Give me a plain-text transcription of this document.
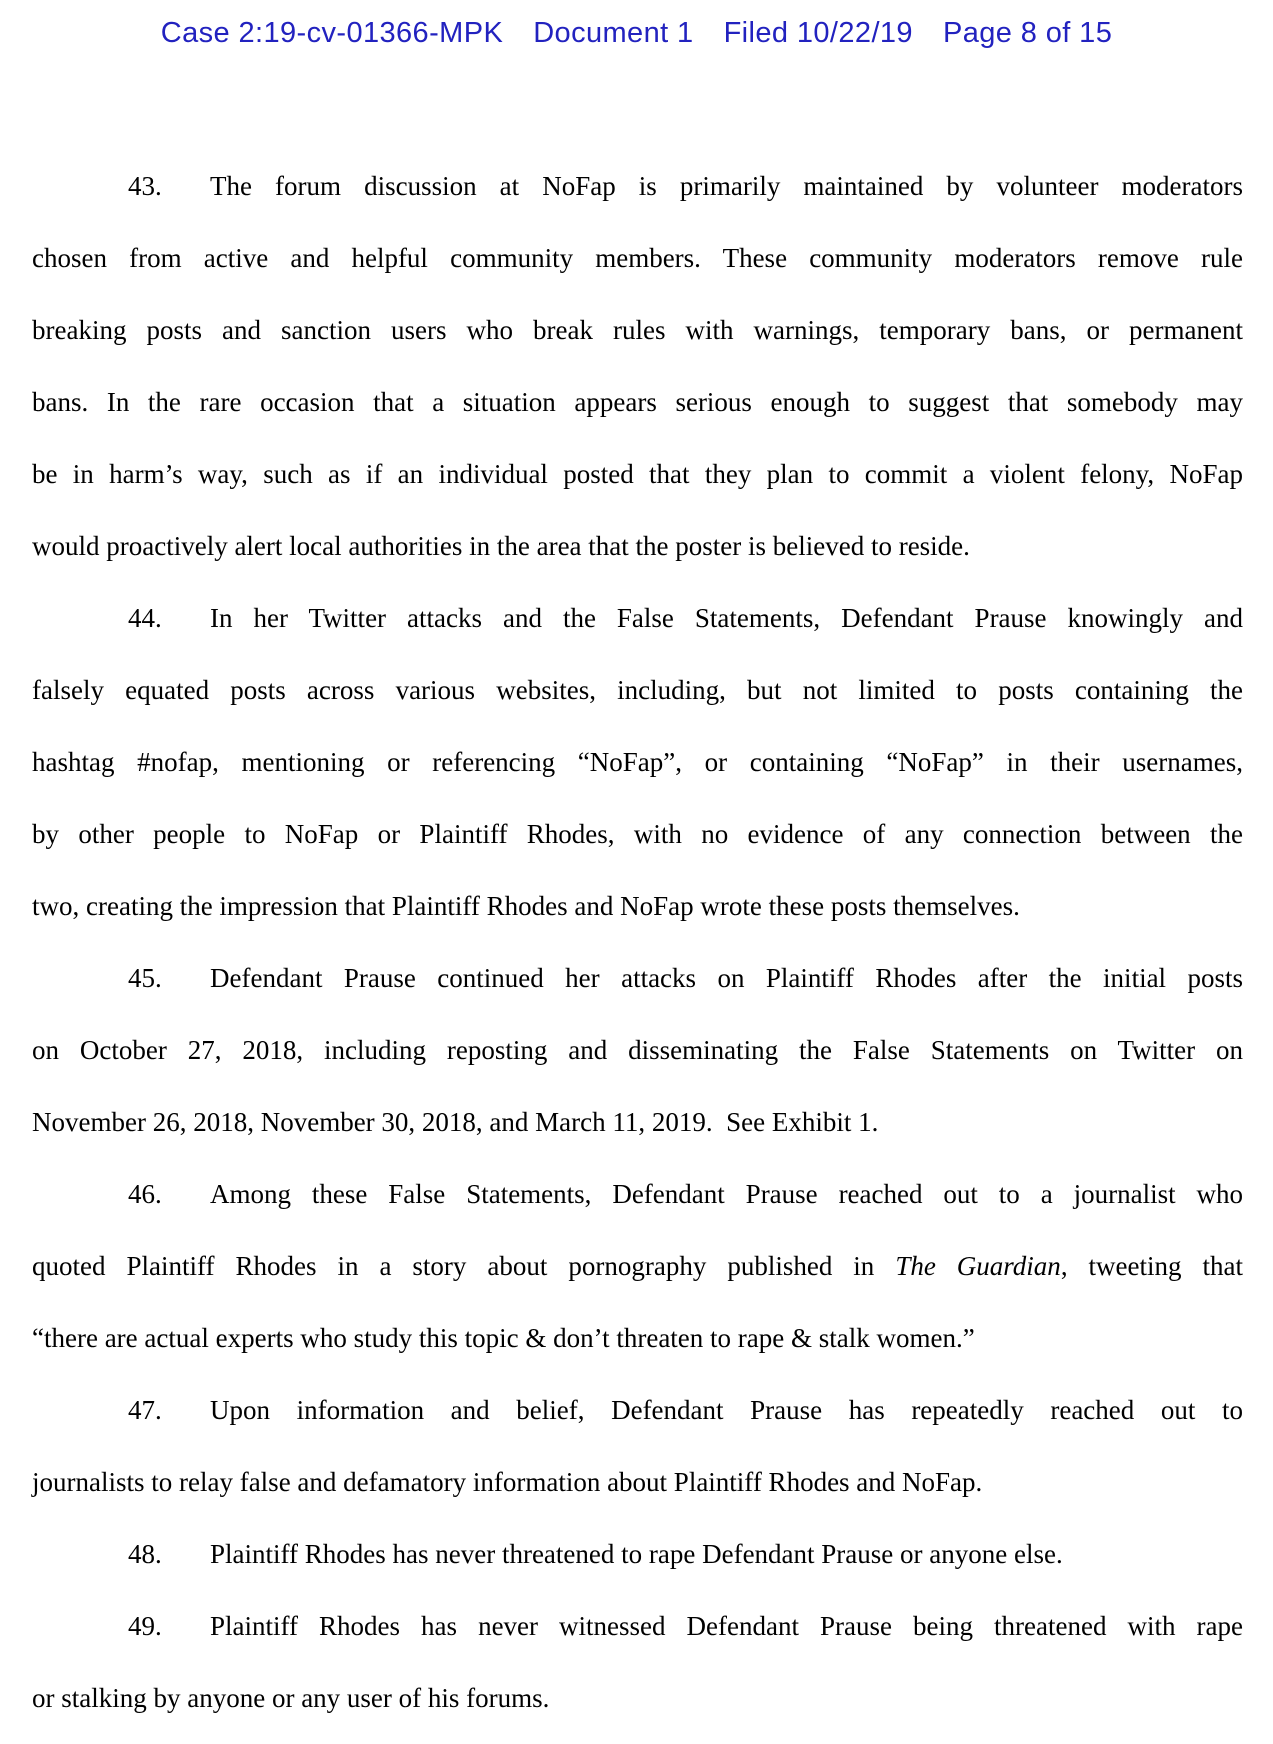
Case 2:19-cv-01366-MPK Document 1 Filed 10/22/19 Page 8 of 15
43. The forum discussion at NoFap is primarily maintained by volunteer moderators
chosen from active and helpful community members. These community moderators remove rule
breaking posts and sanction users who break rules with warnings, temporary bans, or permanent
bans. In the rare occasion that a situation appears serious enough to suggest that somebody may
be in harm’s way, such as if an individual posted that they plan to commit a violent felony, NoFap
would proactively alert local authorities in the area that the poster is believed to reside.
44. In her Twitter attacks and the False Statements, Defendant Prause knowingly and
falsely equated posts across various websites, including, but not limited to posts containing the
hashtag #nofap, mentioning or referencing “NoFap”, or containing “NoFap” in their usernames,
by other people to NoFap or Plaintiff Rhodes, with no evidence of any connection between the
two, creating the impression that Plaintiff Rhodes and NoFap wrote these posts themselves.
45. Defendant Prause continued her attacks on Plaintiff Rhodes after the initial posts
on October 27, 2018, including reposting and disseminating the False Statements on Twitter on
November 26, 2018, November 30, 2018, and March 11, 2019.  See Exhibit 1.
46. Among these False Statements, Defendant Prause reached out to a journalist who
quoted Plaintiff Rhodes in a story about pornography published in The Guardian, tweeting that
“there are actual experts who study this topic & don’t threaten to rape & stalk women.”
47. Upon information and belief, Defendant Prause has repeatedly reached out to
journalists to relay false and defamatory information about Plaintiff Rhodes and NoFap.
48. Plaintiff Rhodes has never threatened to rape Defendant Prause or anyone else.
49. Plaintiff Rhodes has never witnessed Defendant Prause being threatened with rape
or stalking by anyone or any user of his forums.
